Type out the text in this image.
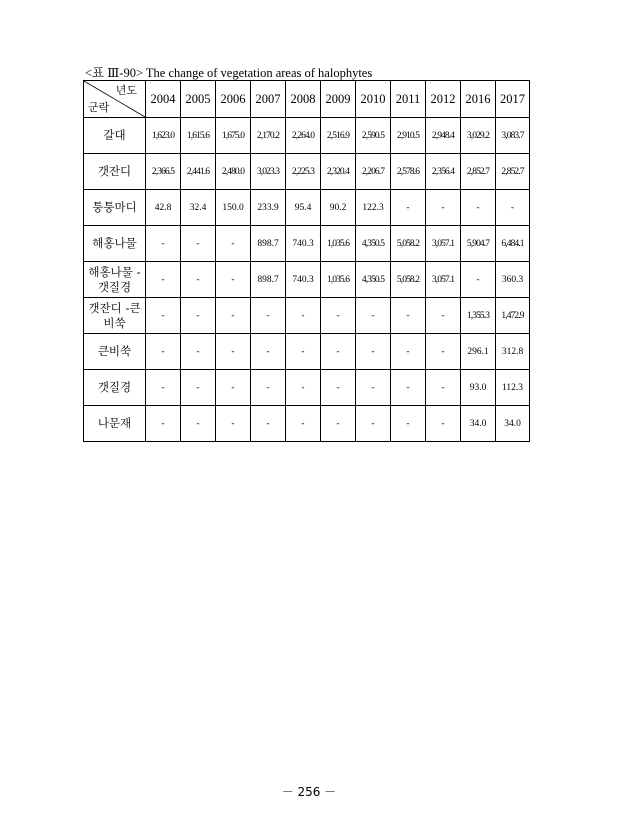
<표 Ⅲ-90> The change of vegetation areas of halophytes
년도
군락	2004	2005	2006	2007	2008	2009	2010	2011	2012	2016	2017
갈대	1,623.0	1,615.6	1,675.0	2,170.2	2,264.0	2,516.9	2,590.5	2,910.5	2,948.4	3,029.2	3,083.7
갯잔디	2,366.5	2,441.6	2,480.0	3,023.3	2,225.3	2,320.4	2,206.7	2,578.6	2,356.4	2,852.7	2,852.7
퉁퉁마디	42.8	32.4	150.0	233.9	95.4	90.2	122.3	-	-	-	-
해홍나물	-	-	-	898.7	740.3	1,035.6	4,350.5	5,058.2	3,057.1	5,904.7	6,484.1
해홍나물 -갯질경	-	-	-	898.7	740.3	1,035.6	4,350.5	5,058.2	3,057.1	-	360.3
갯잔디 -큰비쑥	-	-	-	-	-	-	-	-	-	1,355.3	1,472.9
큰비쑥	-	-	-	-	-	-	-	-	-	296.1	312.8
갯질경	-	-	-	-	-	-	-	-	-	93.0	112.3
나문재	-	-	-	-	-	-	-	-	-	34.0	34.0
－ 256 －
